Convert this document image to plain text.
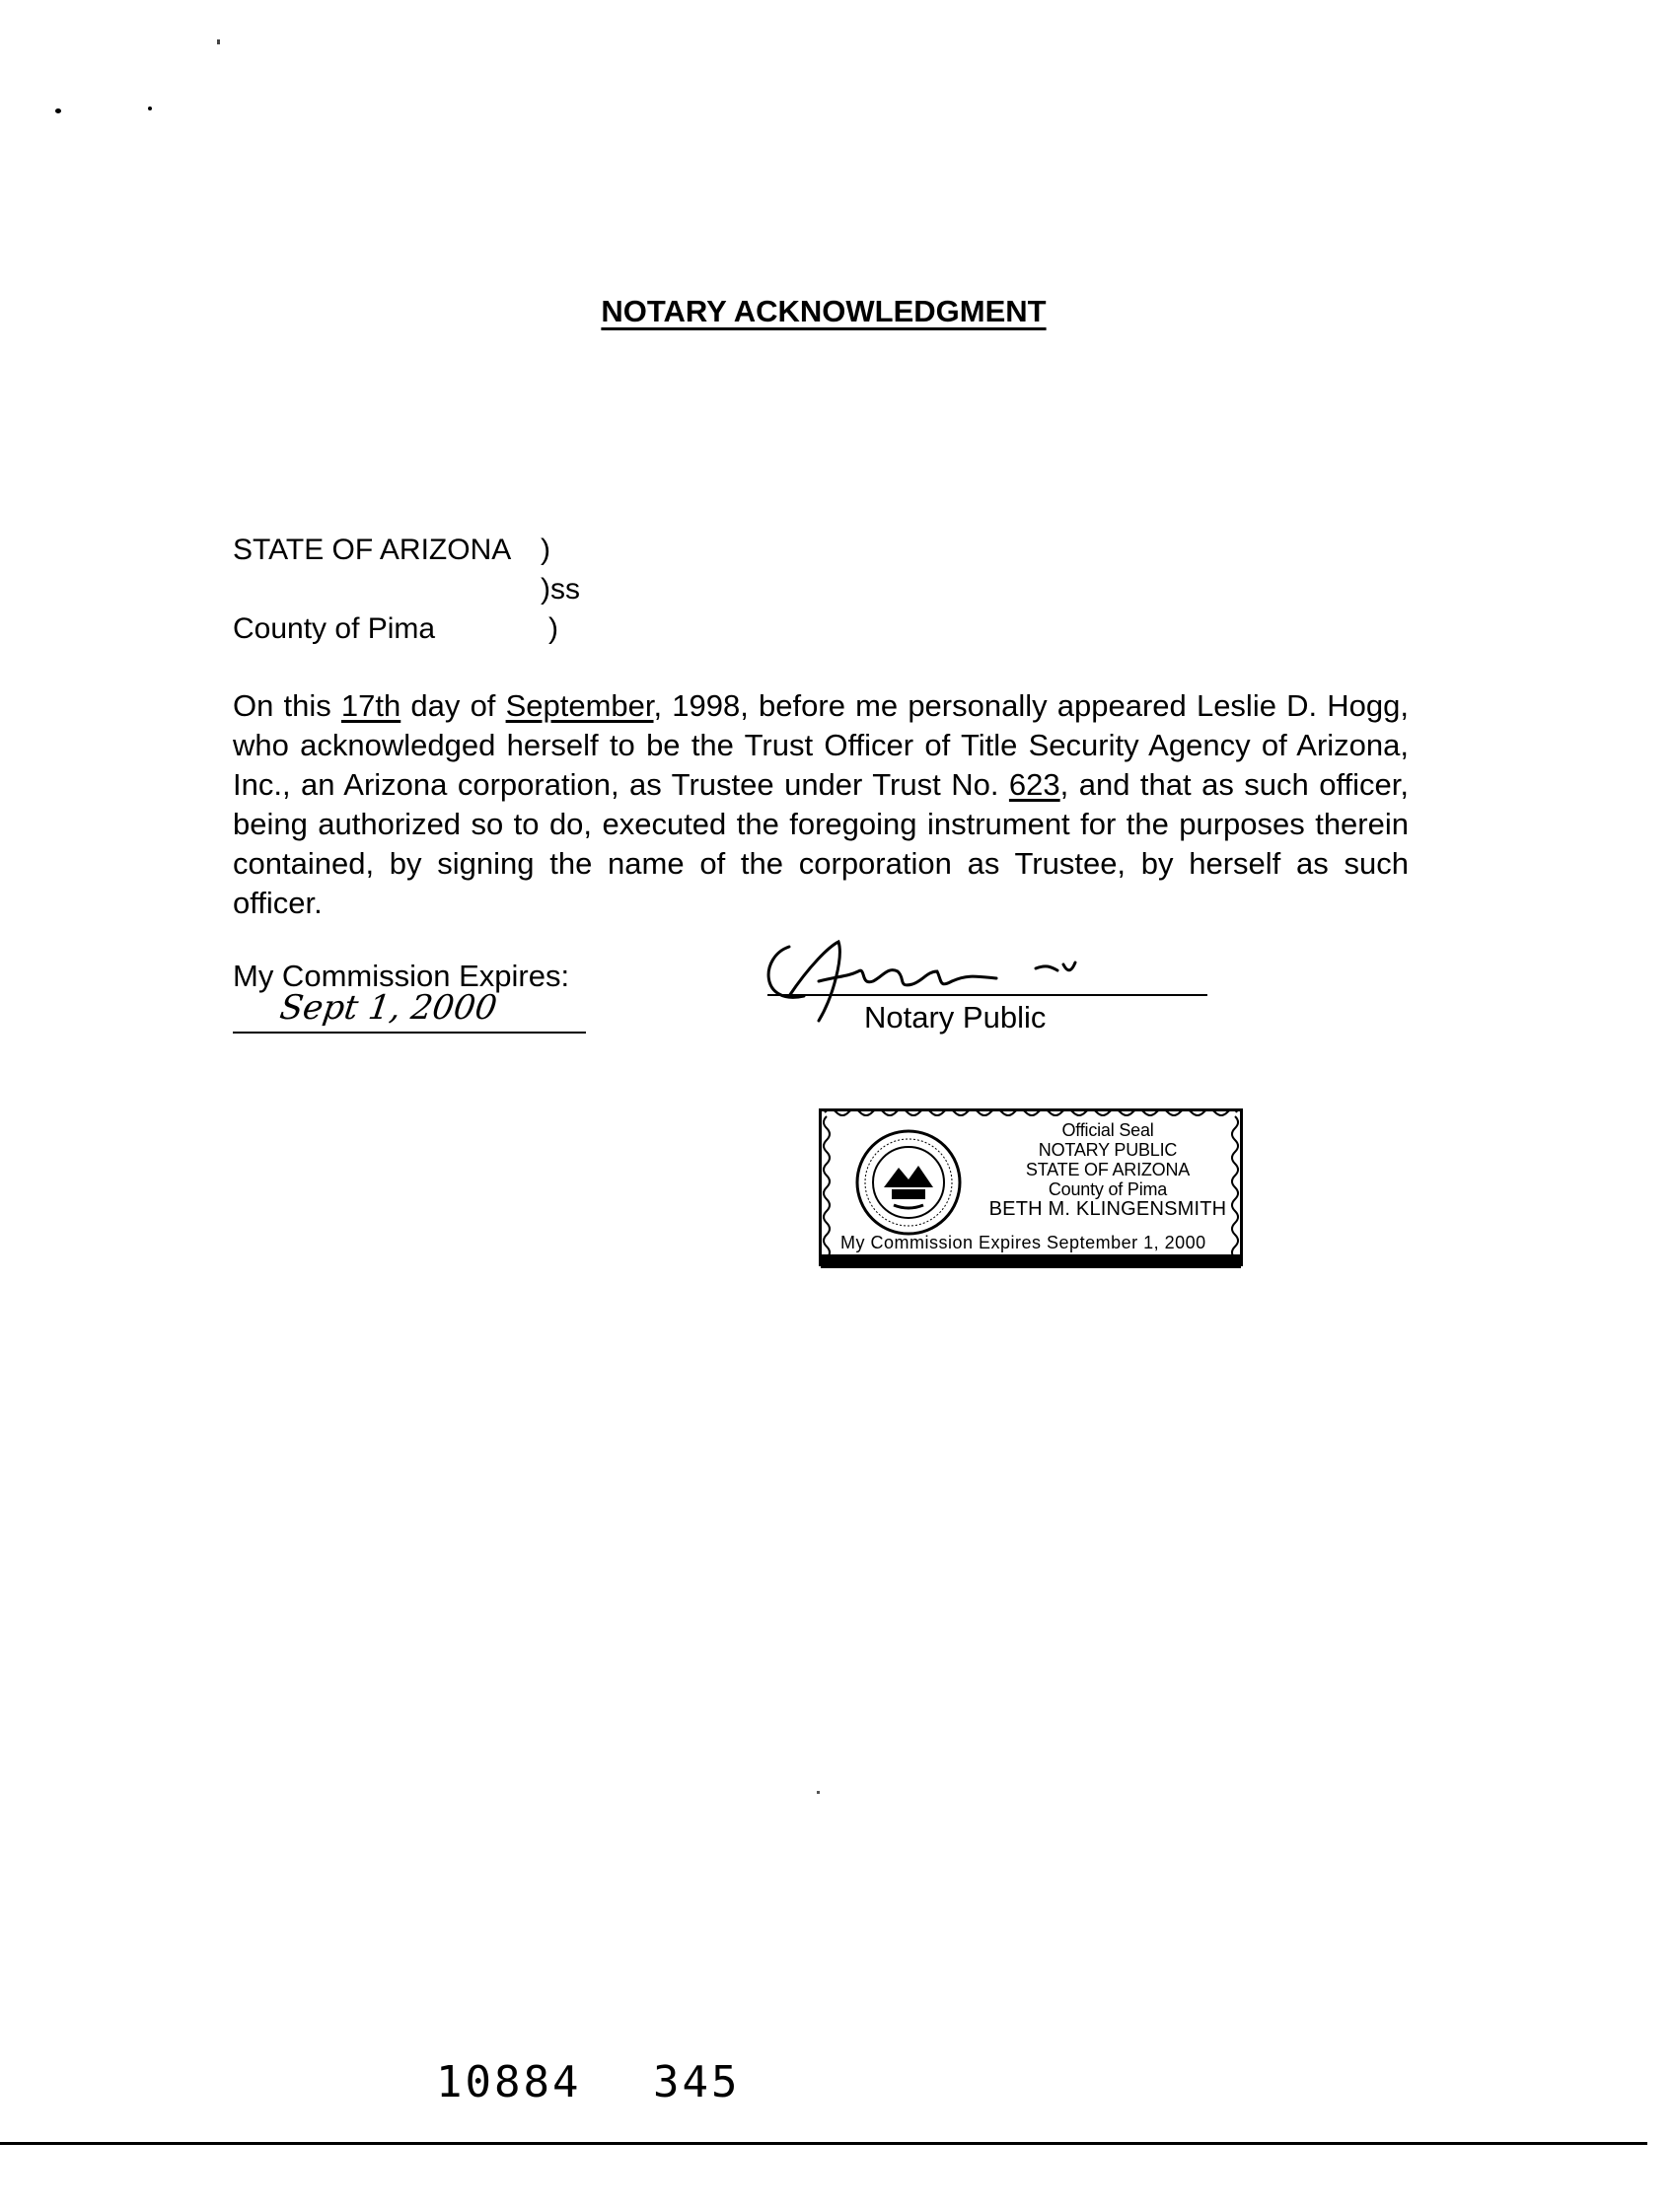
NOTARY ACKNOWLEDGMENT
STATE OF ARIZONA )
)ss
County of Pima	)
On this 17th day of September, 1998, before me personally appeared Leslie D. Hogg, who acknowledged herself to be the Trust Officer of Title Security Agency of Arizona, Inc., an Arizona corporation, as Trustee under Trust No. 623, and that as such officer, being authorized so to do, executed the foregoing instrument for the purposes therein contained, by signing the name of the corporation as Trustee, by herself as such officer.
My Commission Expires:
Sept 1, 2000	Notary Public
Official Seal
NOTARY PUBLIC
STATE OF ARIZONA
County of Pima
BETH M. KLINGENSMITH
My Commission Expires September 1, 2000
10884 345
